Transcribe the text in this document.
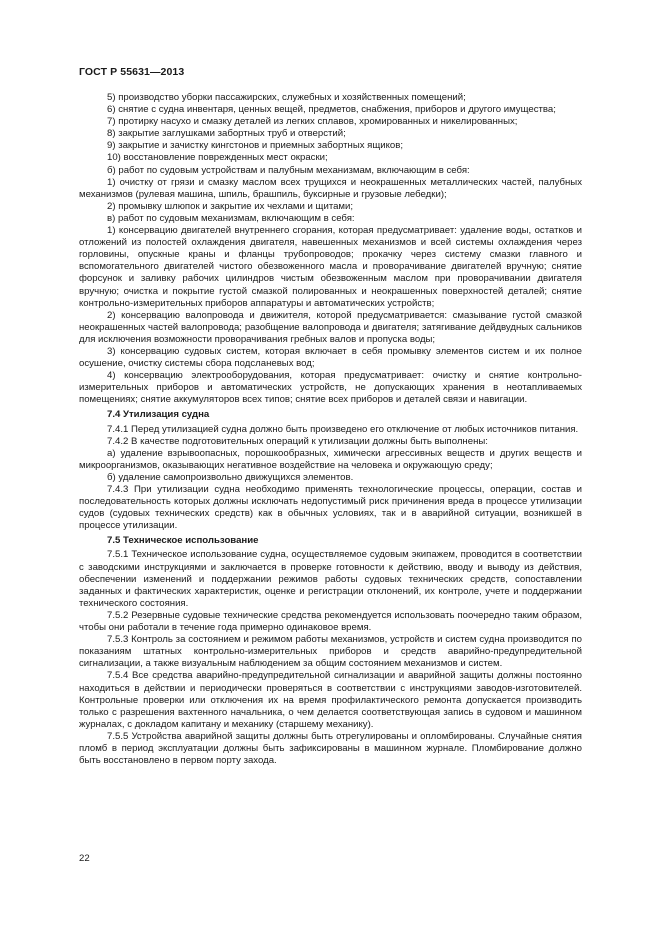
ГОСТ Р 55631—2013

5) производство уборки пассажирских, служебных и хозяйственных помещений;

6) снятие с судна инвентаря, ценных вещей, предметов, снабжения, приборов и другого имущества;

7) протирку насухо и смазку деталей из легких сплавов, хромированных и никелированных;

8) закрытие заглушками забортных труб и отверстий;

9) закрытие и зачистку кингстонов и приемных забортных ящиков;

10) восстановление поврежденных мест окраски;

б) работ по судовым устройствам и палубным механизмам, включающим в себя:

1) очистку от грязи и смазку маслом всех трущихся и неокрашенных металлических частей, палубных механизмов (рулевая машина, шпиль, брашпиль, буксирные и грузовые лебедки);

2) промывку шлюпок и закрытие их чехлами и щитами;

в) работ по судовым механизмам, включающим в себя:

1) консервацию двигателей внутреннего сгорания, которая предусматривает: удаление воды, остатков и отложений из полостей охлаждения двигателя, навешенных механизмов и всей системы охлаждения через горловины, опускные краны и фланцы трубопроводов; прокачку через систему смазки главного и вспомогательного двигателей чистого обезвоженного масла и проворачивание двигателей вручную; снятие форсунок и заливку рабочих цилиндров чистым обезвоженным маслом при проворачивании двигателя вручную; очистка и покрытие густой смазкой полированных и неокрашенных поверхностей деталей; снятие контрольно-измерительных приборов аппаратуры и автоматических устройств;

2) консервацию валопровода и движителя, которой предусматривается: смазывание густой смазкой неокрашенных частей валопровода; разобщение валопровода и двигателя; затягивание дейдвудных сальников для исключения возможности проворачивания гребных валов и пропуска воды;

3) консервацию судовых систем, которая включает в себя промывку элементов систем и их полное осушение, очистку системы сбора подсланевых вод;

4) консервацию электрооборудования, которая предусматривает: очистку и снятие контрольно-измерительных приборов и автоматических устройств, не допускающих хранения в неотапливаемых помещениях; снятие аккумуляторов всех типов; снятие всех приборов и деталей связи и навигации.

7.4 Утилизация судна

7.4.1 Перед утилизацией судна должно быть произведено его отключение от любых источников питания.

7.4.2 В качестве подготовительных операций к утилизации должны быть выполнены:

а) удаление взрывоопасных, порошкообразных, химически агрессивных веществ и других веществ и микроорганизмов, оказывающих негативное воздействие на человека и окружающую среду;

б) удаление самопроизвольно движущихся элементов.

7.4.3 При утилизации судна необходимо применять технологические процессы, операции, состав и последовательность которых должны исключать недопустимый риск причинения вреда в процессе утилизации судов (судовых технических средств) как в обычных условиях, так и в аварийной ситуации, возникшей в процессе утилизации.

7.5 Техническое использование

7.5.1 Техническое использование судна, осуществляемое судовым экипажем, проводится в соответствии с заводскими инструкциями и заключается в проверке готовности к действию, вводу и выводу из действия, обеспечении изменений и поддержании режимов работы судовых технических средств, сопоставлении заданных и фактических характеристик, оценке и регистрации отклонений, их контроле, учете и поддержании технического состояния.

7.5.2 Резервные судовые технические средства рекомендуется использовать поочередно таким образом, чтобы они работали в течение года примерно одинаковое время.

7.5.3 Контроль за состоянием и режимом работы механизмов, устройств и систем судна производится по показаниям штатных контрольно-измерительных приборов и средств аварийно-предупредительной сигнализации, а также визуальным наблюдением за общим состоянием механизмов и систем.

7.5.4 Все средства аварийно-предупредительной сигнализации и аварийной защиты должны постоянно находиться в действии и периодически проверяться в соответствии с инструкциями заводов-изготовителей. Контрольные проверки или отключения их на время профилактического ремонта допускается производить только с разрешения вахтенного начальника, о чем делается соответствующая запись в судовом и машинном журналах, с докладом капитану и механику (старшему механику).

7.5.5 Устройства аварийной защиты должны быть отрегулированы и опломбированы. Случайные снятия пломб в период эксплуатации должны быть зафиксированы в машинном журнале. Пломбирование должно быть восстановлено в первом порту захода.

22
